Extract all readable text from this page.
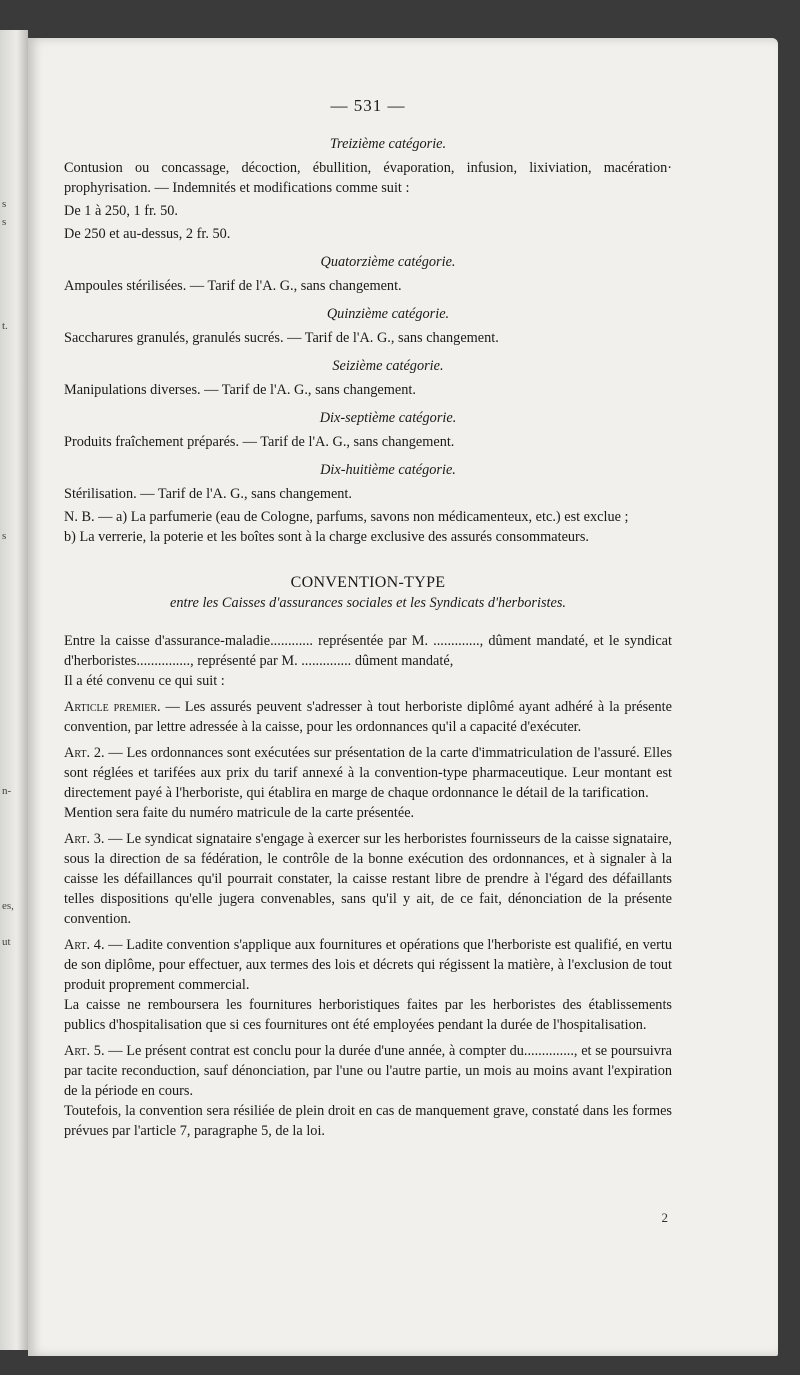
s
s
t.
s
n-
es,
ut
— 531 —
Treizième catégorie.

Contusion ou concassage, décoction, ébullition, évaporation, infusion, lixiviation, macération· prophyrisation. — Indemnités et modifications comme suit :

De 1 à 250, 1 fr. 50.

De 250 et au-dessus, 2 fr. 50.

Quatorzième catégorie.

Ampoules stérilisées. — Tarif de l'A. G., sans changement.

Quinzième catégorie.

Saccharures granulés, granulés sucrés. — Tarif de l'A. G., sans changement.

Seizième catégorie.

Manipulations diverses. — Tarif de l'A. G., sans changement.

Dix-septième catégorie.

Produits fraîchement préparés. — Tarif de l'A. G., sans changement.

Dix-huitième catégorie.

Stérilisation. — Tarif de l'A. G., sans changement.

N. B. — a) La parfumerie (eau de Cologne, parfums, savons non médicamenteux, etc.) est exclue ;

b) La verrerie, la poterie et les boîtes sont à la charge exclusive des assurés consommateurs.

CONVENTION-TYPE
entre les Caisses d'assurances sociales et les Syndicats d'herboristes.

Entre la caisse d'assurance-maladie............ représentée par M. ............., dûment mandaté, et le syndicat d'herboristes..............., représenté par M. .............. dûment mandaté,

Il a été convenu ce qui suit :

Article premier. — Les assurés peuvent s'adresser à tout herboriste diplômé ayant adhéré à la présente convention, par lettre adressée à la caisse, pour les ordonnances qu'il a capacité d'exécuter.

Art. 2. — Les ordonnances sont exécutées sur présentation de la carte d'immatriculation de l'assuré. Elles sont réglées et tarifées aux prix du tarif annexé à la convention-type pharmaceutique. Leur montant est directement payé à l'herboriste, qui établira en marge de chaque ordonnance le détail de la tarification.

Mention sera faite du numéro matricule de la carte présentée.

Art. 3. — Le syndicat signataire s'engage à exercer sur les herboristes fournisseurs de la caisse signataire, sous la direction de sa fédération, le contrôle de la bonne exécution des ordonnances, et à signaler à la caisse les défaillances qu'il pourrait constater, la caisse restant libre de prendre à l'égard des défaillants telles dispositions qu'elle jugera convenables, sans qu'il y ait, de ce fait, dénonciation de la présente convention.

Art. 4. — Ladite convention s'applique aux fournitures et opérations que l'herboriste est qualifié, en vertu de son diplôme, pour effectuer, aux termes des lois et décrets qui régissent la matière, à l'exclusion de tout produit proprement commercial.

La caisse ne remboursera les fournitures herboristiques faites par les herboristes des établissements publics d'hospitalisation que si ces fournitures ont été employées pendant la durée de l'hospitalisation.

Art. 5. — Le présent contrat est conclu pour la durée d'une année, à compter du.............., et se poursuivra par tacite reconduction, sauf dénonciation, par l'une ou l'autre partie, un mois au moins avant l'expiration de la période en cours.

Toutefois, la convention sera résiliée de plein droit en cas de manquement grave, constaté dans les formes prévues par l'article 7, paragraphe 5, de la loi.

2
